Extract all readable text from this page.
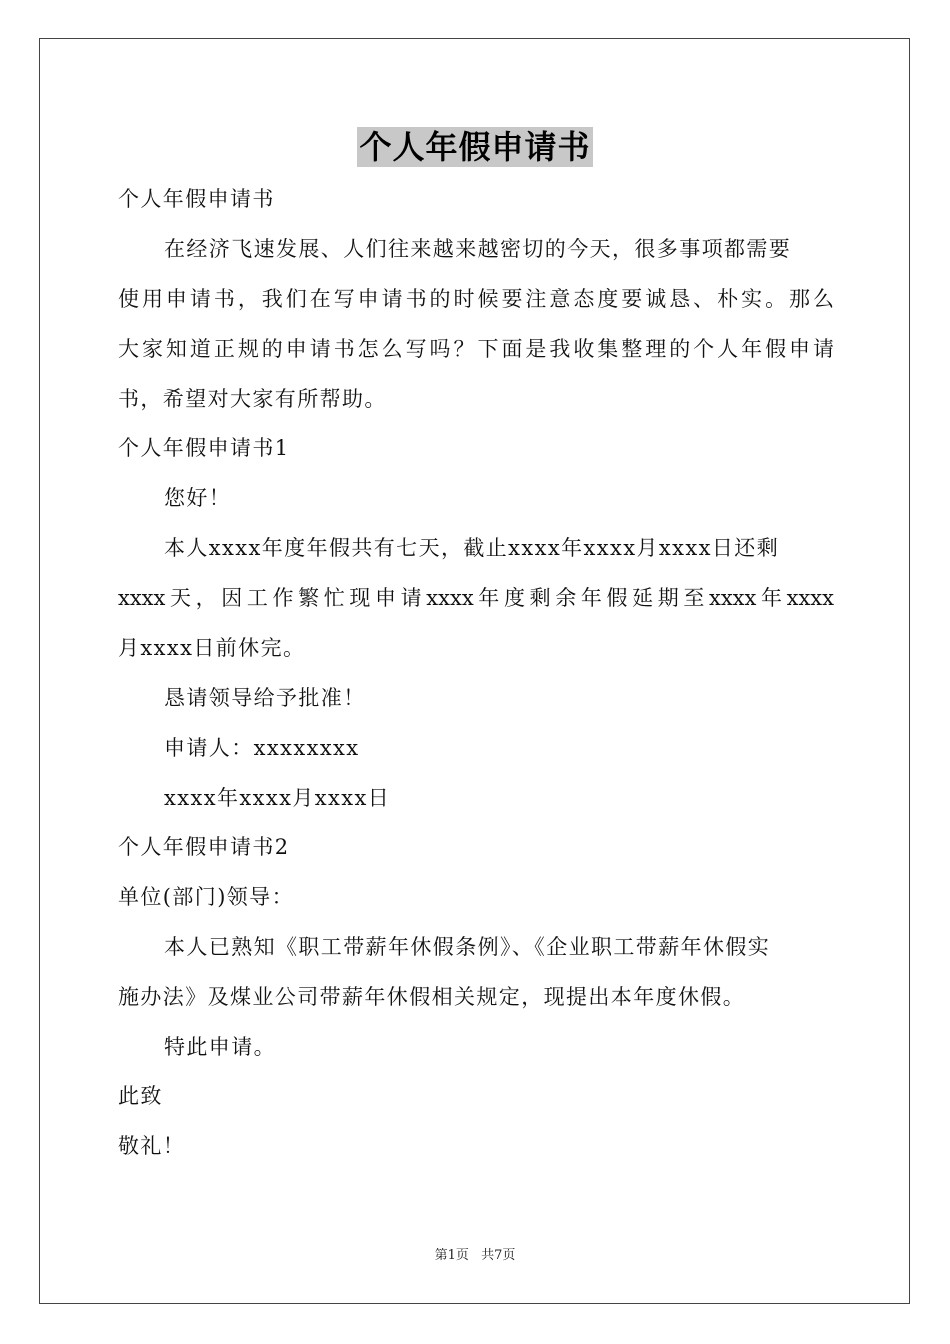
个人年假申请书
个人年假申请书
在经济飞速发展、人们往来越来越密切的今天，很多事项都需要
使用申请书，我们在写申请书的时候要注意态度要诚恳、朴实。那么
大家知道正规的申请书怎么写吗？下面是我收集整理的个人年假申请
书，希望对大家有所帮助。
个人年假申请书1
您好！
本人xxxx年度年假共有七天，截止xxxx年xxxx月xxxx日还剩
xxxx天，因工作繁忙现申请xxxx年度剩余年假延期至xxxx年xxxx
月xxxx日前休完。
恳请领导给予批准！
申请人：xxxxxxxx
xxxx年xxxx月xxxx日
个人年假申请书2
单位(部门)领导：
本人已熟知《职工带薪年休假条例》、《企业职工带薪年休假实
施办法》及煤业公司带薪年休假相关规定，现提出本年度休假。
特此申请。
此致
敬礼！
第1页 共7页
